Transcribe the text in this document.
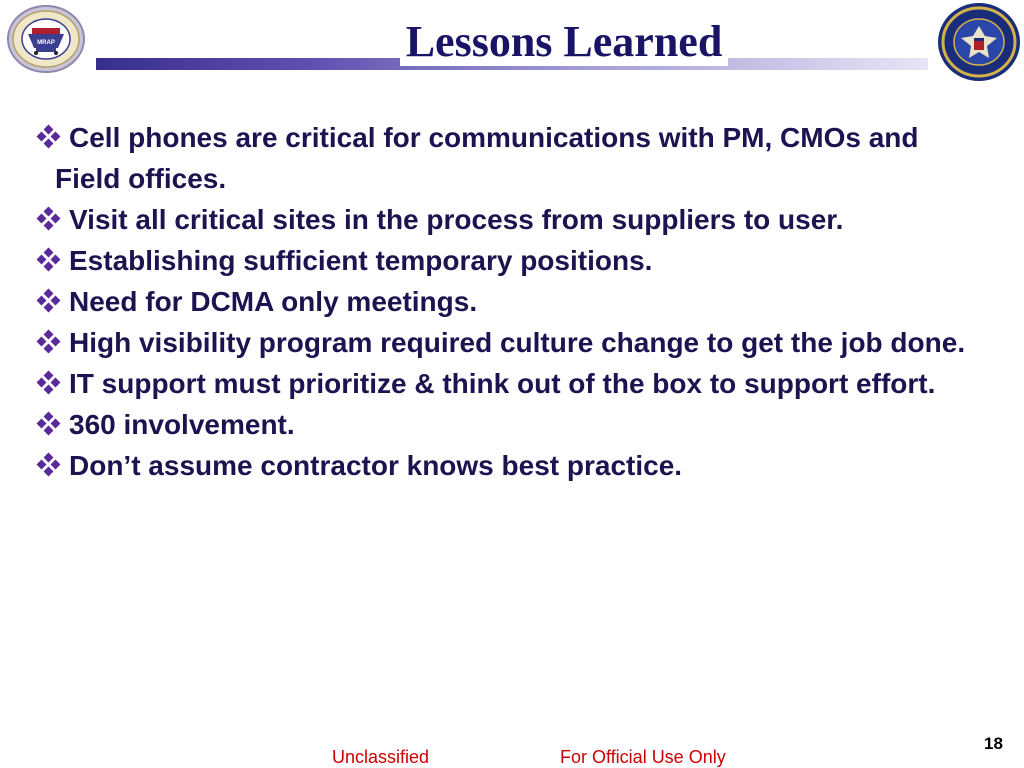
MRAP	Lessons Learned
Cell phones are critical for communications with PM, CMOs and Field offices.
Visit all critical sites in the process from suppliers to user.
Establishing sufficient temporary positions.
Need for DCMA only meetings.
High visibility program required culture change to get the job done.
IT support must prioritize & think out of the box to support effort.
360 involvement.
Don’t assume contractor knows best practice.
Unclassified	For Official Use Only
18
